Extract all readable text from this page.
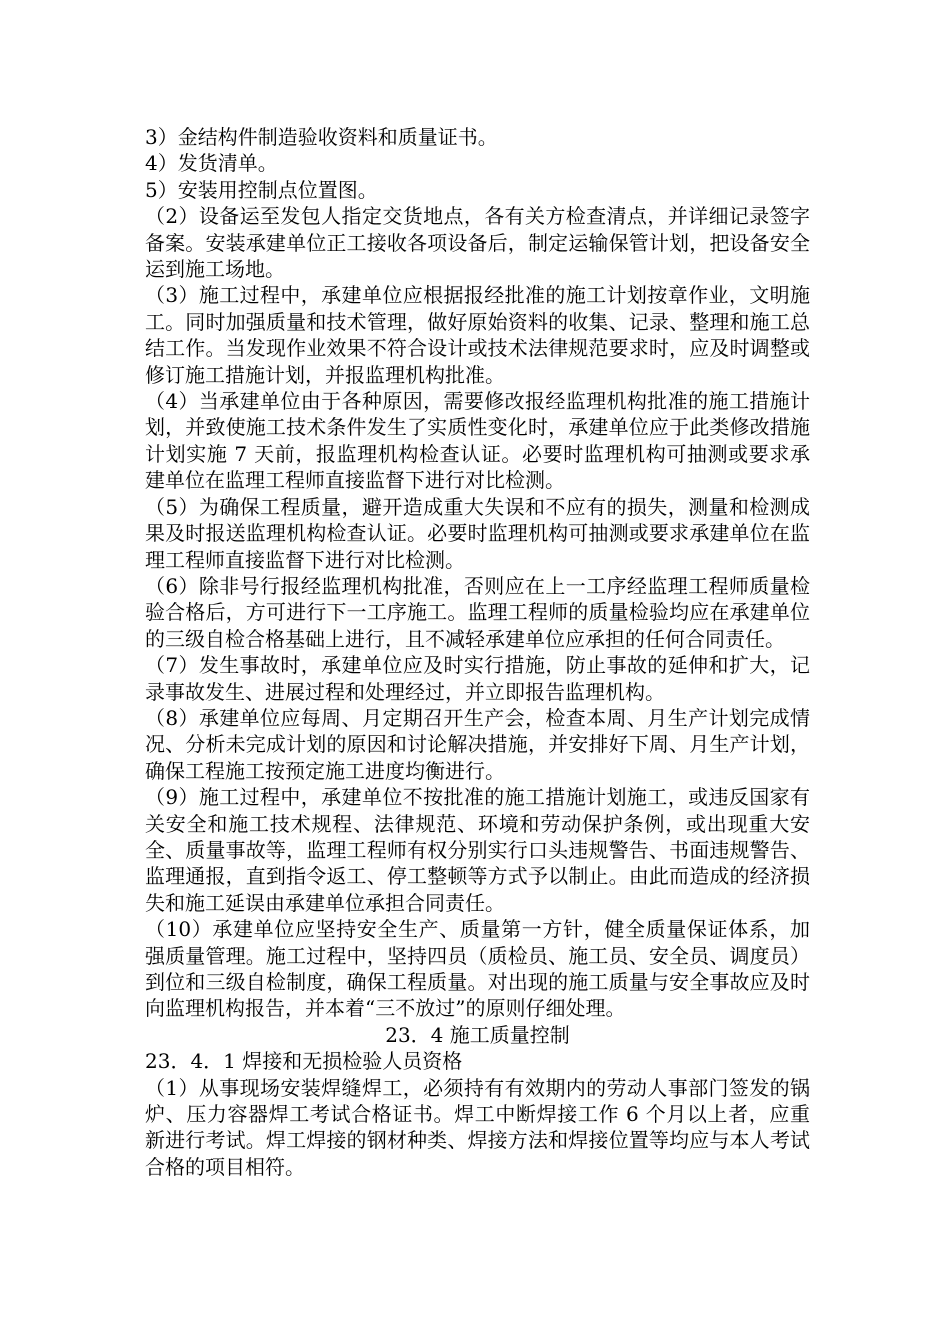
3）金结构件制造验收资料和质量证书。

4）发货清单。

5）安装用控制点位置图。

（2）设备运至发包人指定交货地点，各有关方检查清点，并详细记录签字备案。安装承建单位正工接收各项设备后，制定运输保管计划，把设备安全运到施工场地。

（3）施工过程中，承建单位应根据报经批准的施工计划按章作业，文明施工。同时加强质量和技术管理，做好原始资料的收集、记录、整理和施工总结工作。当发现作业效果不符合设计或技术法律规范要求时，应及时调整或修订施工措施计划，并报监理机构批准。

（4）当承建单位由于各种原因，需要修改报经监理机构批准的施工措施计划，并致使施工技术条件发生了实质性变化时，承建单位应于此类修改措施计划实施 7 天前，报监理机构检查认证。必要时监理机构可抽测或要求承建单位在监理工程师直接监督下进行对比检测。

（5）为确保工程质量，避开造成重大失误和不应有的损失，测量和检测成果及时报送监理机构检查认证。必要时监理机构可抽测或要求承建单位在监理工程师直接监督下进行对比检测。

（6）除非号行报经监理机构批准，否则应在上一工序经监理工程师质量检验合格后，方可进行下一工序施工。监理工程师的质量检验均应在承建单位的三级自检合格基础上进行，且不减轻承建单位应承担的任何合同责任。

（7）发生事故时，承建单位应及时实行措施，防止事故的延伸和扩大，记录事故发生、进展过程和处理经过，并立即报告监理机构。

（8）承建单位应每周、月定期召开生产会，检查本周、月生产计划完成情况、分析未完成计划的原因和讨论解决措施，并安排好下周、月生产计划，确保工程施工按预定施工进度均衡进行。

（9）施工过程中，承建单位不按批准的施工措施计划施工，或违反国家有关安全和施工技术规程、法律规范、环境和劳动保护条例，或出现重大安全、质量事故等，监理工程师有权分别实行口头违规警告、书面违规警告、监理通报，直到指令返工、停工整顿等方式予以制止。由此而造成的经济损失和施工延误由承建单位承担合同责任。

（10）承建单位应坚持安全生产、质量第一方针，健全质量保证体系，加强质量管理。施工过程中，坚持四员（质检员、施工员、安全员、调度员）到位和三级自检制度，确保工程质量。对出现的施工质量与安全事故应及时向监理机构报告，并本着“三不放过”的原则仔细处理。

23．4 施工质量控制

23．4．1 焊接和无损检验人员资格

（1）从事现场安装焊缝焊工，必须持有有效期内的劳动人事部门签发的锅炉、压力容器焊工考试合格证书。焊工中断焊接工作 6 个月以上者，应重新进行考试。焊工焊接的钢材种类、焊接方法和焊接位置等均应与本人考试合格的项目相符。
